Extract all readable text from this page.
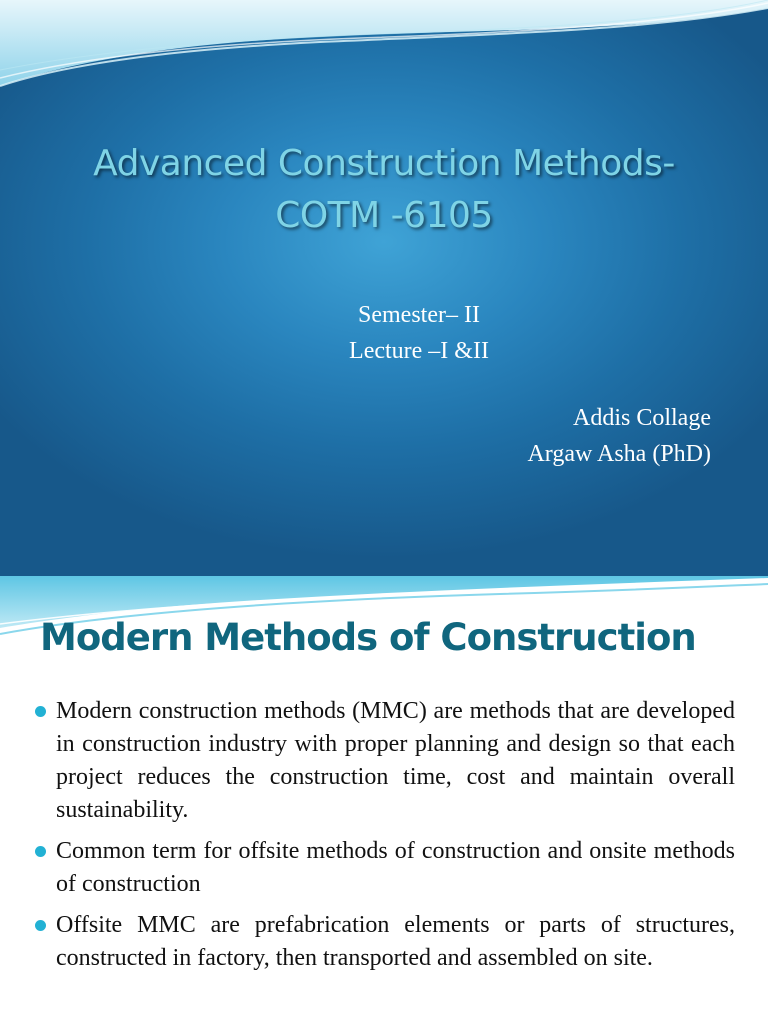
Advanced Construction Methods-
COTM -6105
Semester– II
Lecture –I &II
Addis Collage
Argaw Asha (PhD)
Modern Methods of Construction
Modern construction methods (MMC) are methods that are developed in construction industry with proper planning and design so that each project reduces the construction time, cost and maintain overall sustainability.
Common term for offsite methods of construction and onsite methods of construction
Offsite MMC are prefabrication elements or parts of structures, constructed in factory, then transported and assembled on site.
